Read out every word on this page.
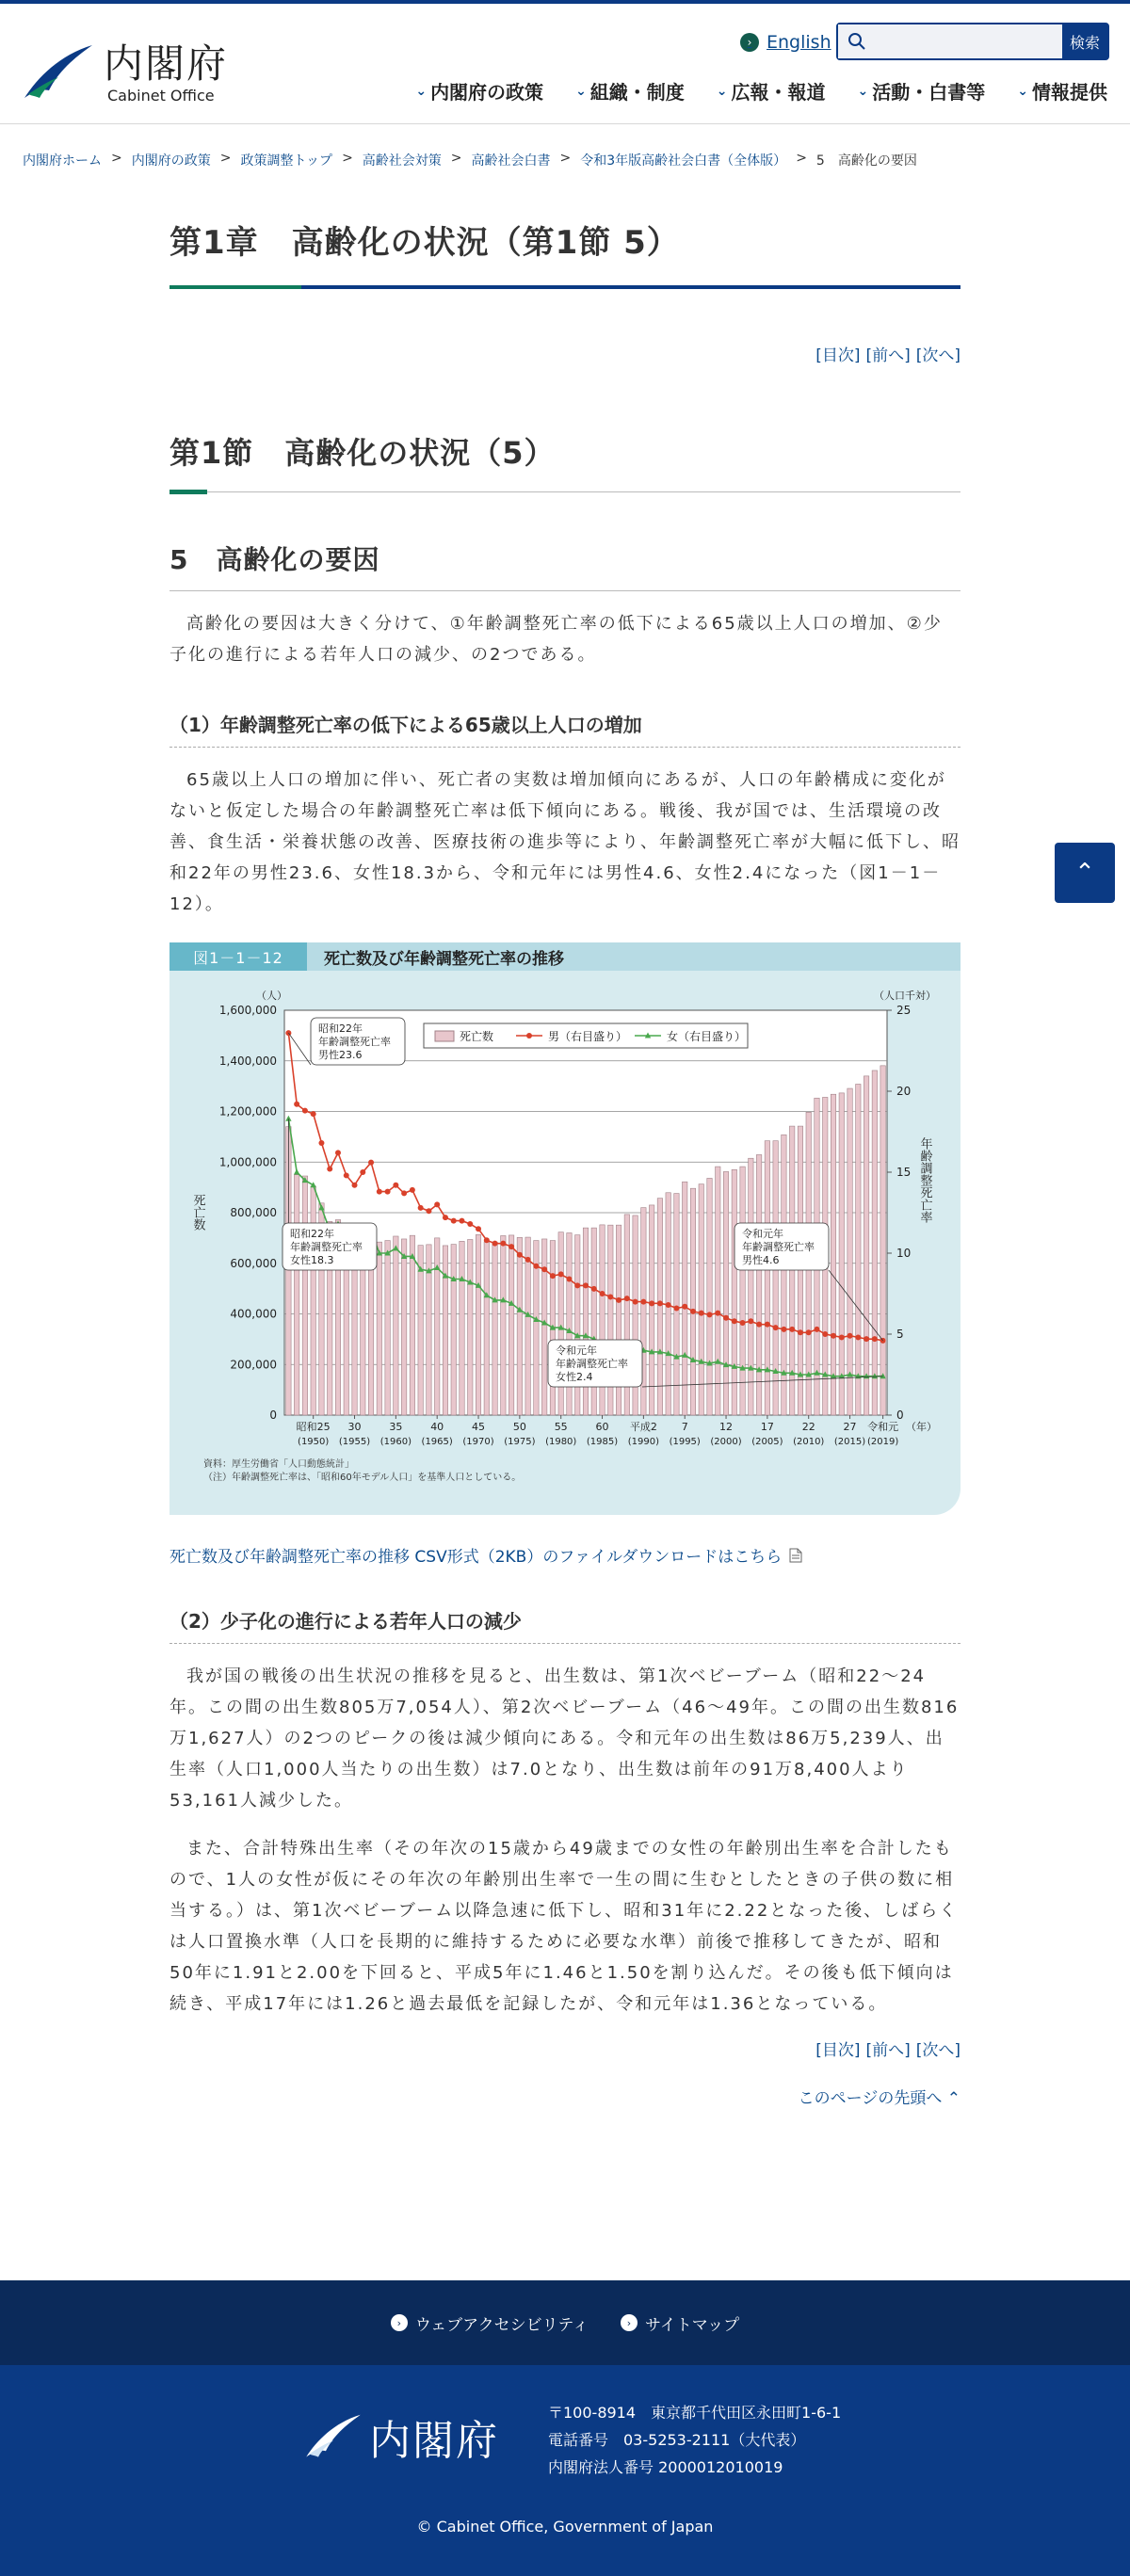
内閣府
Cabinet Office
› English	検索
⌄ 内閣府の政策 ⌄ 組織・制度 ⌄ 広報・報道 ⌄ 活動・白書等 ⌄ 情報提供
内閣府ホーム > 内閣府の政策 > 政策調整トップ > 高齢社会対策 > 高齢社会白書 > 令和3年版高齢社会白書（全体版） > 5　高齢化の要因
第1章　高齢化の状況（第1節 5）
[目次] [前へ] [次へ]
第1節　高齢化の状況（5）
5　高齢化の要因

高齢化の要因は大きく分けて、①年齢調整死亡率の低下による65歳以上人口の増加、②少子化の進行による若年人口の減少、の2つである。

（1）年齢調整死亡率の低下による65歳以上人口の増加

65歳以上人口の増加に伴い、死亡者の実数は増加傾向にあるが、人口の年齢構成に変化がないと仮定した場合の年齢調整死亡率は低下傾向にある。戦後、我が国では、生活環境の改善、食生活・栄養状態の改善、医療技術の進歩等により、年齢調整死亡率が大幅に低下し、昭和22年の男性23.6、女性18.3から、令和元年には男性4.6、女性2.4になった（図1－1－12）。

図1－1－12	死亡数及び年齢調整死亡率の推移
0
200,000
400,000
600,000
800,000
1,000,000
1,200,000
1,400,000
1,600,000
0
5
10
15
20
25
（人）	（人口千対）
死亡数	年齢調整死亡率
昭和25
(1950)
30
(1955)
35
(1960)
40
(1965)
45
(1970)
50
(1975)
55
(1980)
60
(1985)
平成2
(1990)
7
(1995)
12
(2000)
17
(2005)
22
(2010)
27
(2015)
令和元
(2019)
（年）
死亡数	男（右目盛り）	女（右目盛り）
昭和22年
年齢調整死亡率
男性23.6
昭和22年
年齢調整死亡率
女性18.3
令和元年
年齢調整死亡率
男性4.6
令和元年
年齢調整死亡率
女性2.4
資料：厚生労働省「人口動態統計」
（注）年齢調整死亡率は、「昭和60年モデル人口」を基準人口としている。
死亡数及び年齢調整死亡率の推移 CSV形式（2KB）のファイルダウンロードはこちら
（2）少子化の進行による若年人口の減少

我が国の戦後の出生状況の推移を見ると、出生数は、第1次ベビーブーム（昭和22～24年。この間の出生数805万7,054人）、第2次ベビーブーム（46～49年。この間の出生数816万1,627人）の2つのピークの後は減少傾向にある。令和元年の出生数は86万5,239人、出生率（人口1,000人当たりの出生数）は7.0となり、出生数は前年の91万8,400人より53,161人減少した。

また、合計特殊出生率（その年次の15歳から49歳までの女性の年齢別出生率を合計したもので、1人の女性が仮にその年次の年齢別出生率で一生の間に生むとしたときの子供の数に相当する。）は、第1次ベビーブーム以降急速に低下し、昭和31年に2.22となった後、しばらくは人口置換水準（人口を長期的に維持するために必要な水準）前後で推移してきたが、昭和50年に1.91と2.00を下回ると、平成5年に1.46と1.50を割り込んだ。その後も低下傾向は続き、平成17年には1.26と過去最低を記録したが、令和元年は1.36となっている。

[目次] [前へ] [次へ]
このページの先頭へ ⌃
⌃
› ウェブアクセシビリティ	› サイトマップ
内閣府
〒100-8914　東京都千代田区永田町1-6-1
電話番号　03-5253-2111（大代表）
内閣府法人番号 2000012010019
© Cabinet Office, Government of Japan
